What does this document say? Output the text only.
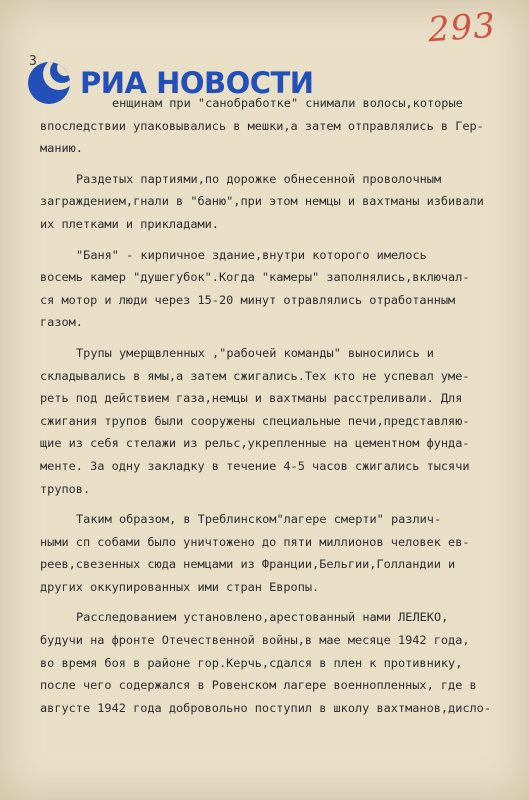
293
3
РИА НОВОСТИ
енщинам при "санобработке" снимали волосы,которые
впоследствии упаковывались в мешки,а затем отправлялись в Гер-
манию.
Раздетых партиями,по дорожке обнесенной проволочным
заграждением,гнали в "баню",при этом немцы и вахтманы избивали
их плетками и прикладами.
"Баня" - кирпичное здание,внутри которого имелось
восемь камер "душегубок".Когда "камеры" заполнялись,включал-
ся мотор и люди через 15-20 минут отравлялись отработанным
газом.
Трупы умерщвленных ,"рабочей команды" выносились и
складывались в ямы,а затем сжигались.Тех кто не успевал уме-
реть под действием газа,немцы и вахтманы расстреливали. Для
сжигания трупов были сооружены специальные печи,представляю-
щие из себя стелажи из рельс,укрепленные на цементном фунда-
менте. За одну закладку в течение 4-5 часов сжигались тысячи
трупов.
Таким образом, в Треблинском"лагере смерти" различ-
ными сп собами было уничтожено до пяти миллионов человек ев-
реев,свезенных сюда немцами из Франции,Бельгии,Голландии и
других оккупированных ими стран Европы.
Расследованием установлено,арестованный нами ЛЕЛЕКО,
будучи на фронте Отечественной войны,в мае месяце 1942 года,
во время боя в районе гор.Керчь,сдался в плен к противнику,
после чего содержался в Ровенском лагере военнопленных, где в
августе 1942 года добровольно поступил в школу вахтманов,дисло-
